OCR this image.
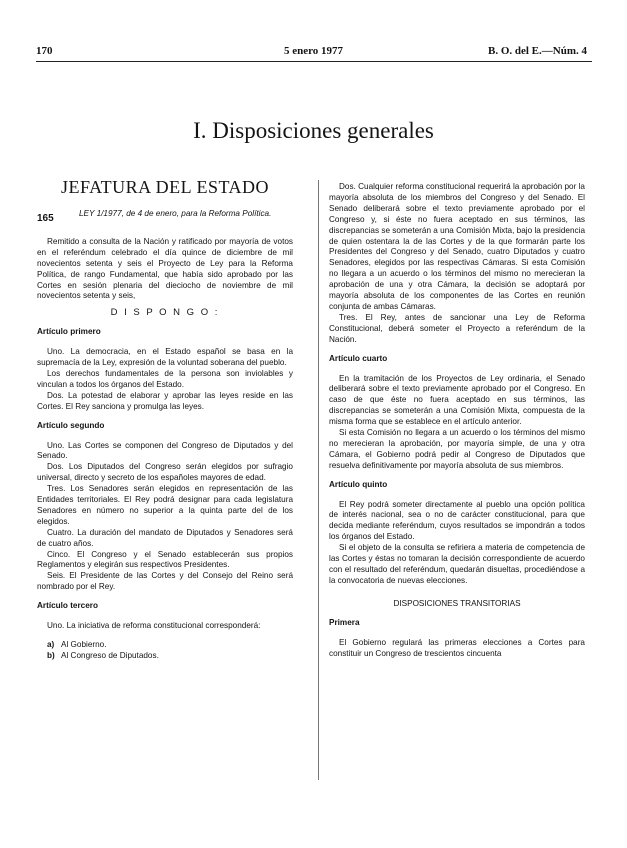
170	5 enero 1977	B. O. del E.—Núm. 4
I. Disposiciones generales
JEFATURA DEL ESTADO
165	LEY 1/1977, de 4 de enero, para la Reforma Política.

Remitido a consulta de la Nación y ratificado por mayoría de votos en el referéndum celebrado el día quince de diciembre de mil novecientos setenta y seis el Proyecto de Ley para la Reforma Política, de rango Fundamental, que había sido aprobado por las Cortes en sesión plenaria del dieciocho de noviembre de mil novecientos setenta y seis,

D I S P O N G O :
Artículo primero

Uno. La democracia, en el Estado español se basa en la supremacía de la Ley, expresión de la voluntad soberana del pueblo.

Los derechos fundamentales de la persona son inviolables y vinculan a todos los órganos del Estado.

Dos. La potestad de elaborar y aprobar las leyes reside en las Cortes. El Rey sanciona y promulga las leyes.

Artículo segundo

Uno. Las Cortes se componen del Congreso de Diputados y del Senado.

Dos. Los Diputados del Congreso serán elegidos por sufragio universal, directo y secreto de los españoles mayores de edad.

Tres. Los Senadores serán elegidos en representación de las Entidades territoriales. El Rey podrá designar para cada legislatura Senadores en número no superior a la quinta parte del de los elegidos.

Cuatro. La duración del mandato de Diputados y Senadores será de cuatro años.

Cinco. El Congreso y el Senado establecerán sus propios Reglamentos y elegirán sus respectivos Presidentes.

Seis. El Presidente de las Cortes y del Consejo del Reino será nombrado por el Rey.

Artículo tercero

Uno. La iniciativa de reforma constitucional corresponderá:

a) Al Gobierno.
b) Al Congreso de Diputados.

Dos. Cualquier reforma constitucional requerirá la aprobación por la mayoría absoluta de los miembros del Congreso y del Senado. El Senado deliberará sobre el texto previamente aprobado por el Congreso y, si éste no fuera aceptado en sus términos, las discrepancias se someterán a una Comisión Mixta, bajo la presidencia de quien ostentara la de las Cortes y de la que formarán parte los Presidentes del Congreso y del Senado, cuatro Diputados y cuatro Senadores, elegidos por las respectivas Cámaras. Si esta Comisión no llegara a un acuerdo o los términos del mismo no merecieran la aprobación de una y otra Cámara, la decisión se adoptará por mayoría absoluta de los componentes de las Cortes en reunión conjunta de ambas Cámaras.

Tres. El Rey, antes de sancionar una Ley de Reforma Constitucional, deberá someter el Proyecto a referéndum de la Nación.

Artículo cuarto

En la tramitación de los Proyectos de Ley ordinaria, el Senado deliberará sobre el texto previamente aprobado por el Congreso. En caso de que éste no fuera aceptado en sus términos, las discrepancias se someterán a una Comisión Mixta, compuesta de la misma forma que se establece en el artículo anterior.

Si esta Comisión no llegara a un acuerdo o los términos del mismo no merecieran la aprobación, por mayoría simple, de una y otra Cámara, el Gobierno podrá pedir al Congreso de Diputados que resuelva definitivamente por mayoría absoluta de sus miembros.

Artículo quinto

El Rey podrá someter directamente al pueblo una opción política de interés nacional, sea o no de carácter constitucional, para que decida mediante referéndum, cuyos resultados se impondrán a todos los órganos del Estado.

Si el objeto de la consulta se refiriera a materia de competencia de las Cortes y éstas no tomaran la decisión correspondiente de acuerdo con el resultado del referéndum, quedarán disueltas, procediéndose a la convocatoria de nuevas elecciones.

DISPOSICIONES TRANSITORIAS
Primera

El Gobierno regulará las primeras elecciones a Cortes para constituir un Congreso de trescientos cincuenta
